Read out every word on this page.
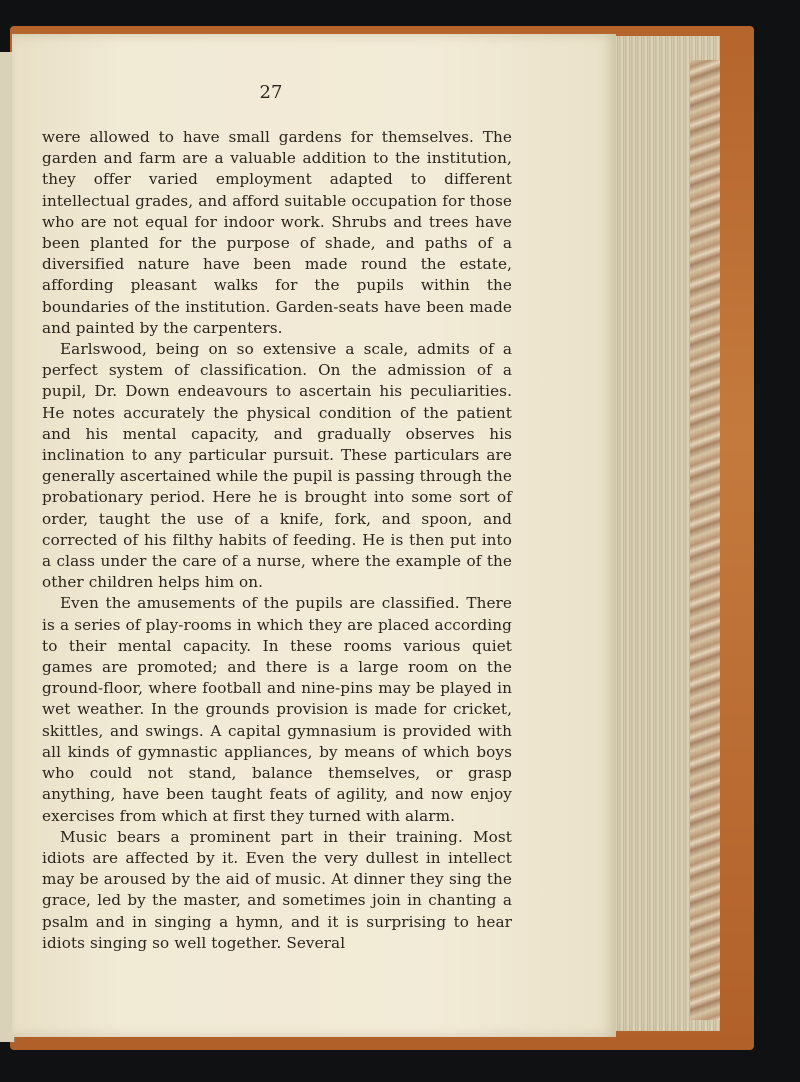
27

were allowed to have small gardens for themselves. The garden and farm are a valuable addition to the institution, they offer varied employment adapted to different intellectual grades, and afford suitable occupation for those who are not equal for indoor work. Shrubs and trees have been planted for the purpose of shade, and paths of a diversified nature have been made round the estate, affording pleasant walks for the pupils within the boundaries of the institution. Garden-seats have been made and painted by the carpenters.

Earlswood, being on so extensive a scale, admits of a perfect system of classification. On the admission of a pupil, Dr. Down endeavours to ascertain his peculiarities. He notes accurately the physical condition of the patient and his mental capacity, and gradually observes his inclination to any particular pursuit. These particulars are generally ascertained while the pupil is passing through the probationary period. Here he is brought into some sort of order, taught the use of a knife, fork, and spoon, and corrected of his filthy habits of feeding. He is then put into a class under the care of a nurse, where the example of the other children helps him on.

Even the amusements of the pupils are classified. There is a series of play-rooms in which they are placed according to their mental capacity. In these rooms various quiet games are promoted; and there is a large room on the ground-floor, where football and nine-pins may be played in wet weather. In the grounds provision is made for cricket, skittles, and swings. A capital gymnasium is provided with all kinds of gymnastic appliances, by means of which boys who could not stand, balance themselves, or grasp anything, have been taught feats of agility, and now enjoy exercises from which at first they turned with alarm.

Music bears a prominent part in their training. Most idiots are affected by it. Even the very dullest in intellect may be aroused by the aid of music. At dinner they sing the grace, led by the master, and sometimes join in chanting a psalm and in singing a hymn, and it is surprising to hear idiots singing so well together. Several
